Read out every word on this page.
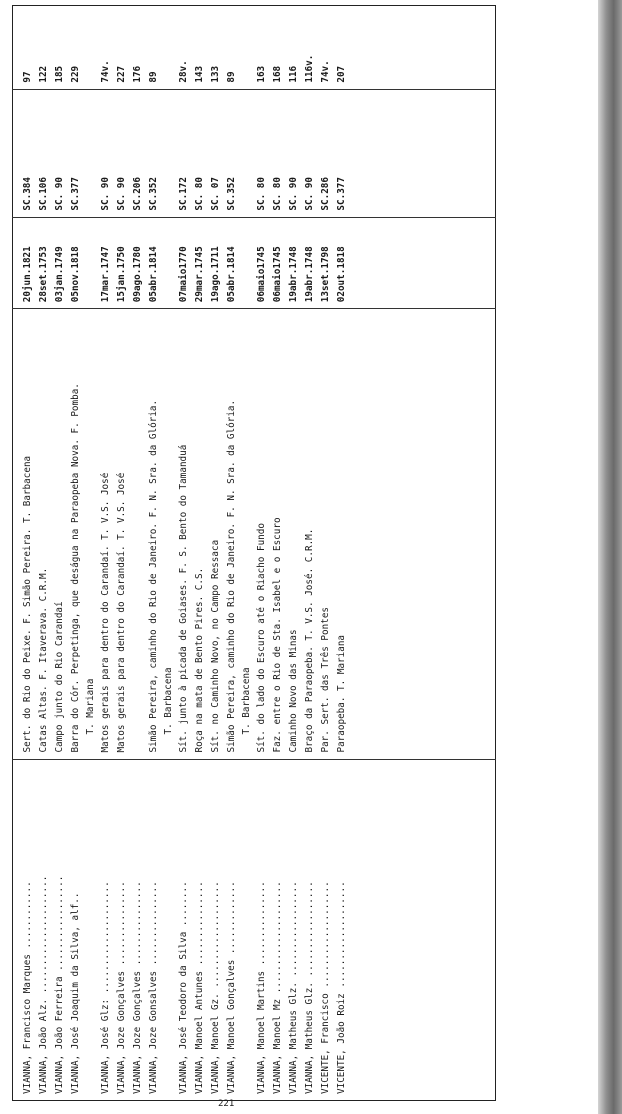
VIANNA, Francisco Marques ............	Sert. do Rio do Peixe. F. Simão Pereira. T. Barbacena	20jun.1821	SC.384	97
VIANNA, João Alz. .....................	Catas Altas. F. Itaverava. C.R.M.	28set.1753	SC.106	122
VIANNA, João Ferreira .................	Campo junto do Rio Carandaí	03jan.1749	SC. 90	185
VIANNA, José Joaquim da Silva, alf..	Barra do Cór. Perpetinga, que deságua na Paraopeba Nova. F. Pomba.	05nov.1818	SC.377	229
	T. Mariana			
VIANNA, José Glz: ....................	Matos gerais para dentro do Carandaí. T. V.S. José	17mar.1747	SC. 90	74v.
VIANNA, Joze Gonçalves ...............	Matos gerais para dentro do Carandaí. T. V.S. José	15jan.1750	SC. 90	227
VIANNA, Joze Gonçalves ...............		09ago.1780	SC.206	176
VIANNA, Joze Gonsalves ...............	Simão Pereira, caminho do Rio de Janeiro. F. N. Sra. da Glória.	05abr.1814	SC.352	89
	T. Barbacena			
VIANNA, José Teodoro da Silva ........	Sít. junto à picada de Goiases. F. S. Bento do Tamanduá	07maio1770	SC.172	28v.
VIANNA, Manoel Antunes ...............	Roça na mata de Bento Pires. C.S.	29mar.1745	SC. 80	143
VIANNA, Manoel Gz. ...................	Sít. no Caminho Novo, no Campo Ressaca	19ago.1711	SC. 07	133
VIANNA, Manoel Gonçalves .............	Simão Pereira, caminho do Rio de Janeiro. F. N. Sra. da Glória.	05abr.1814	SC.352	89
	T. Barbacena			
VIANNA, Manoel Martins ...............	Sít. do lado do Escuro até o Riacho Fundo	06maio1745	SC. 80	163
VIANNA, Manoel Mz ....................	Faz. entre o Rio de Sta. Isabel e o Escuro	06maio1745	SC. 80	168
VIANNA, Matheus Glz. .................	Caminho Novo das Minas	19abr.1748	SC. 90	116
VIANNA, Matheus Glz. .................	Braço da Paraopeba. T. V.S. José. C.R.M.	19abr.1748	SC. 90	116v.
VICENTE, Francisco ...................	Par. Sert. das Três Pontes	13set.1798	SC.286	74v.
VICENTE, João Roiz ...................	Paraopeba. T. Mariana	02out.1818	SC.377	207

221
